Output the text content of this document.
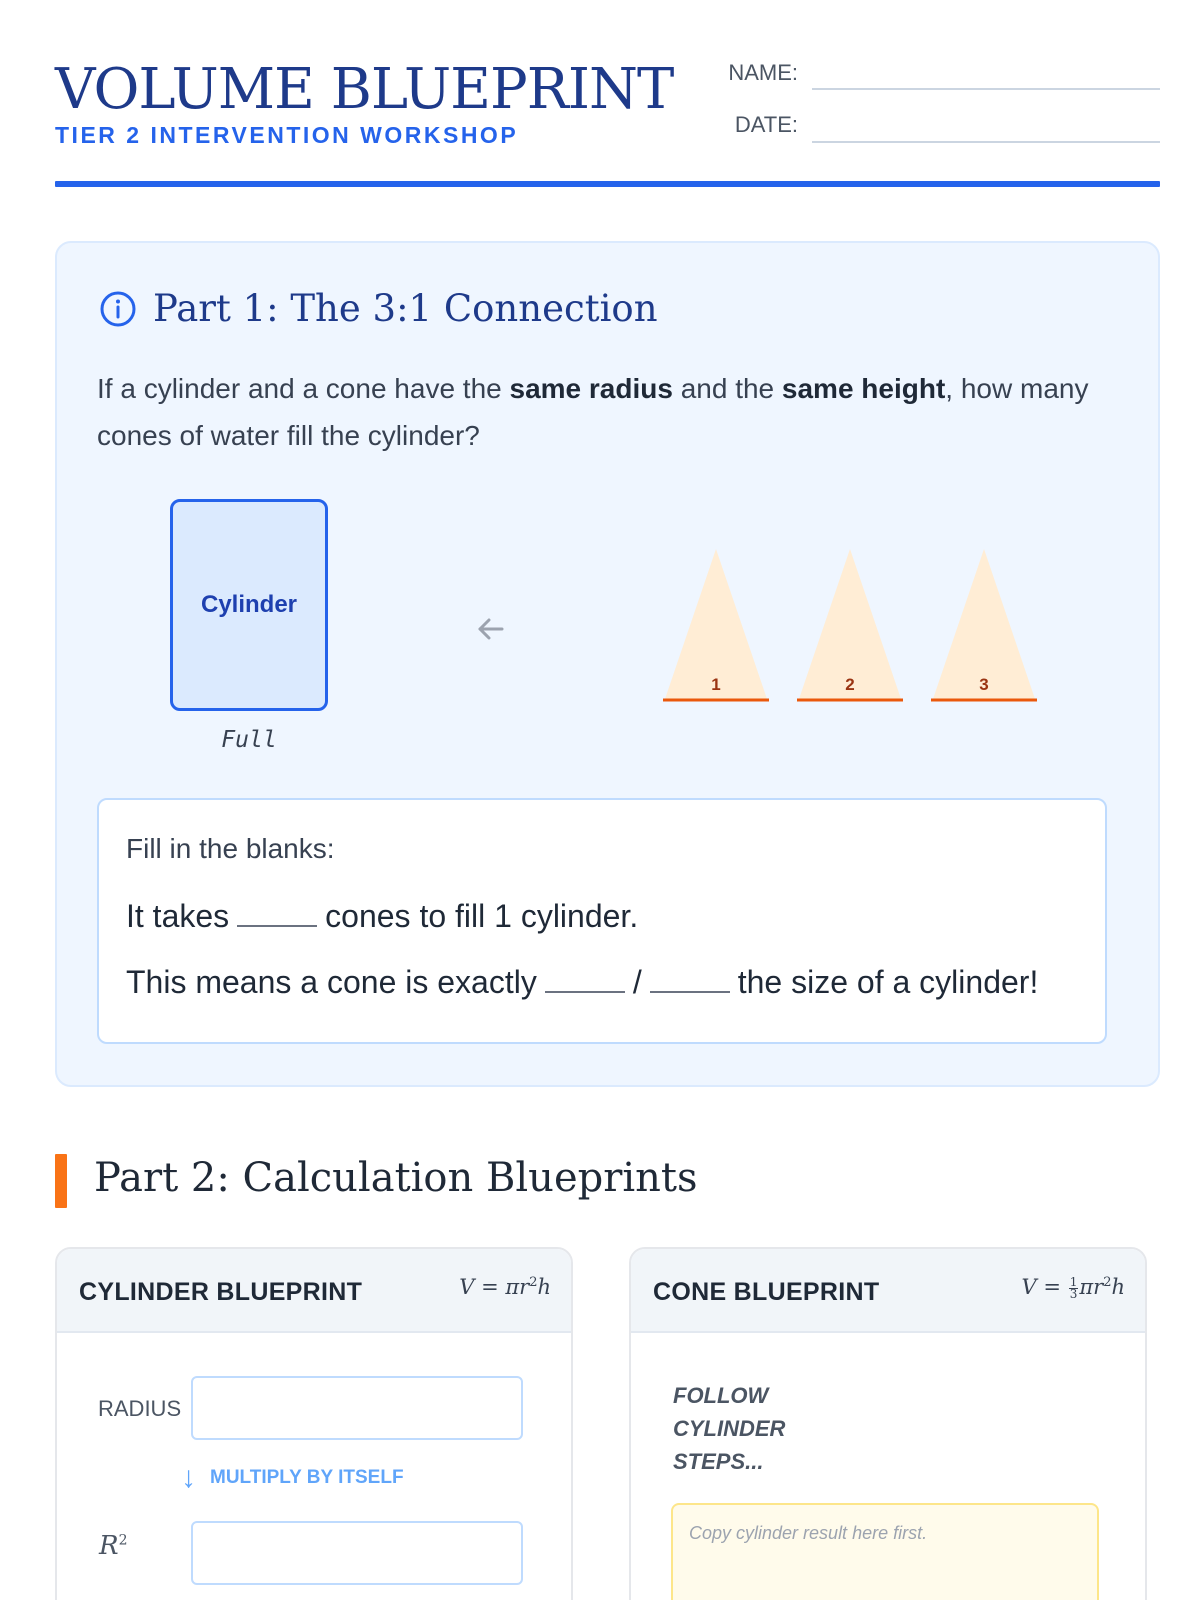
VOLUME BLUEPRINT
TIER 2 INTERVENTION WORKSHOP
NAME:
DATE:
Part 1: The 3:1 Connection
If a cylinder and a cone have the same radius and the same height, how many cones of water fill the cylinder?
Cylinder
Full
1	2	3
Fill in the blanks:
It takes	cones to fill 1 cylinder.
This means a cone is exactly	/	the size of a cylinder!
Part 2: Calculation Blueprints
CYLINDER BLUEPRINT	$V = \pi r^2h$
RADIUS
↓ MULTIPLY BY ITSELF
$R^2$
CONE BLUEPRINT	$V = \frac{1}{3} \pi r^2h$
FOLLOW CYLINDER STEPS...
Copy cylinder result here first.
